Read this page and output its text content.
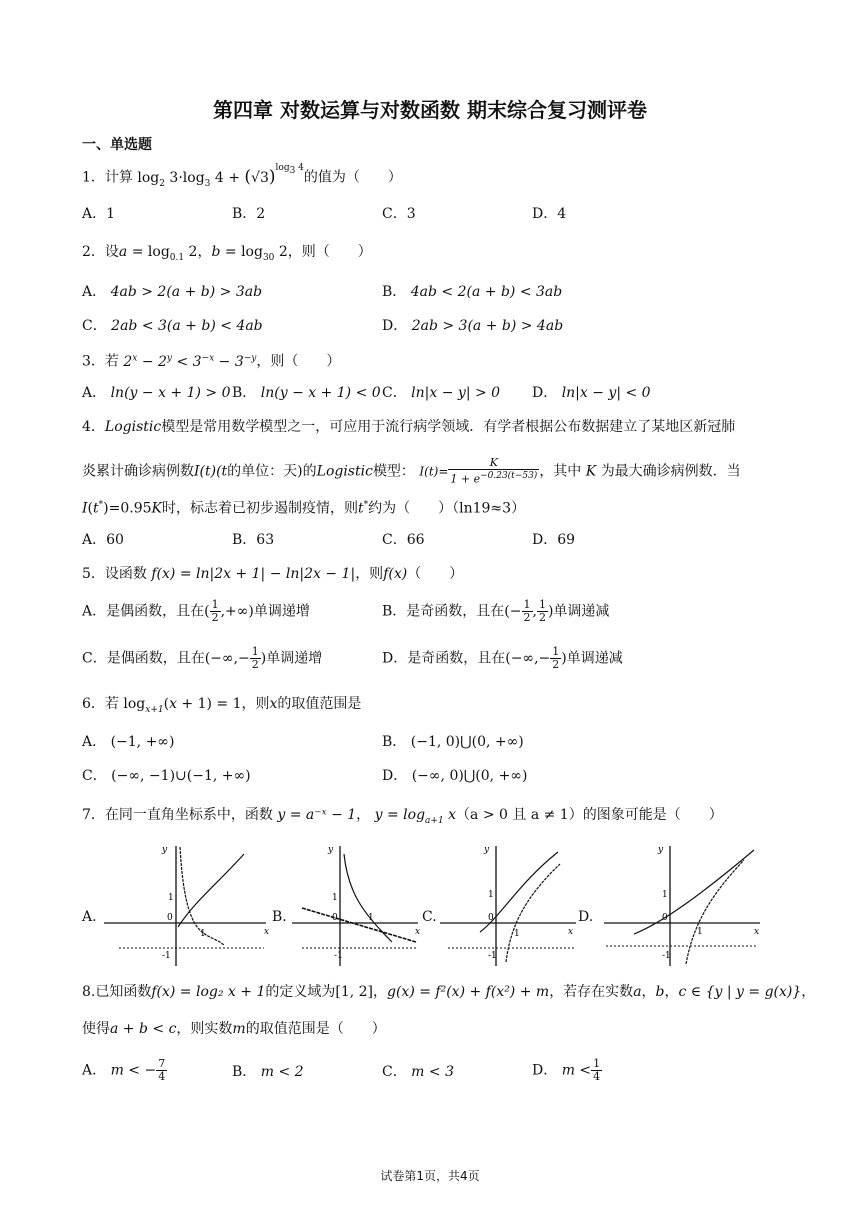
第四章 对数运算与对数函数 期末综合复习测评卷
一、单选题
1．计算 $\log_2 3\cdot\log_3$ $4 + (√3)^{log_3 4}$的值为（　　）
A．1	B．2	C．3	D．4
2．设$a = \log_{0.1} 2$，$b = \log_{30} 2$，则（　　）
A． 4ab > 2(a + b) > 3ab	B． 4ab < 2(a + b) < 3ab
C． 2ab < 3(a + b) < 4ab	D． 2ab > 3(a + b) > 4ab
3．若 $2^x - 2^y < 3^{-x} - 3^{-y}$，则（　　）
A． ln(y − x + 1) > 0 B． ln(y − x + 1) < 0 C． ln|x − y| > 0 D． ln|x − y| < 0
4．Logistic模型是常用数学模型之一，可应用于流行病学领域．有学者根据公布数据建立了某地区新冠肺
炎累计确诊病例数I(t)(t的单位：天)的Logistic模型： $I(t)= \frac{K}{1 + e^{-0.23(t-53)}}$ ，其中 K 为最大确诊病例数．当
I(t*)=0.95K时，标志着已初步遏制疫情，则t*约为（　　）（ln19≈3）
A．60	B．63	C．66	D．69
5．设函数 f(x) = ln|2x + 1| − ln|2x − 1|，则f(x)（　　）
A．是偶函数，且在( $\frac{1}{2}$ ,+∞)单调递增	B．是奇函数，且在(− $\frac{1}{2}$ , $\frac{1}{2}$ )单调递减
C．是偶函数，且在(−∞,− $\frac{1}{2}$ )单调递增	D．是奇函数，且在(−∞,− $\frac{1}{2}$ )单调递减
6．若 $\log_{x+1}(x + 1) = 1$，则x的取值范围是
A． (−1, +∞)	B． (−1, 0)⋃(0, +∞)
C． (−∞, −1)∪(−1, +∞)	D． (−∞, 0)⋃(0, +∞)
7．在同一直角坐标系中，函数 y = a⁻ˣ − 1， $y = \log_{a+1} x(a > 0$ 且 a ≠ 1）的图象可能是（　　）
A.	B.	C.	D.
x
y
0
1
1
-1
x
y
0
1
1
-1
x
y
0
1
1
-1
x
y
0
1
1
-1
8.已知函数f(x) = log₂ x + 1的定义域为[1, 2]，g(x) = f²(x) + f(x²) + m，若存在实数a，b，c ∈ {y | y = g(x)}，
使得a + b < c，则实数m的取值范围是（　　）
A． m < − $\frac{7}{4}$	B． m < 2	C． m < 3	D． $m < \frac{1}{4}$
试卷第1页，共4页
